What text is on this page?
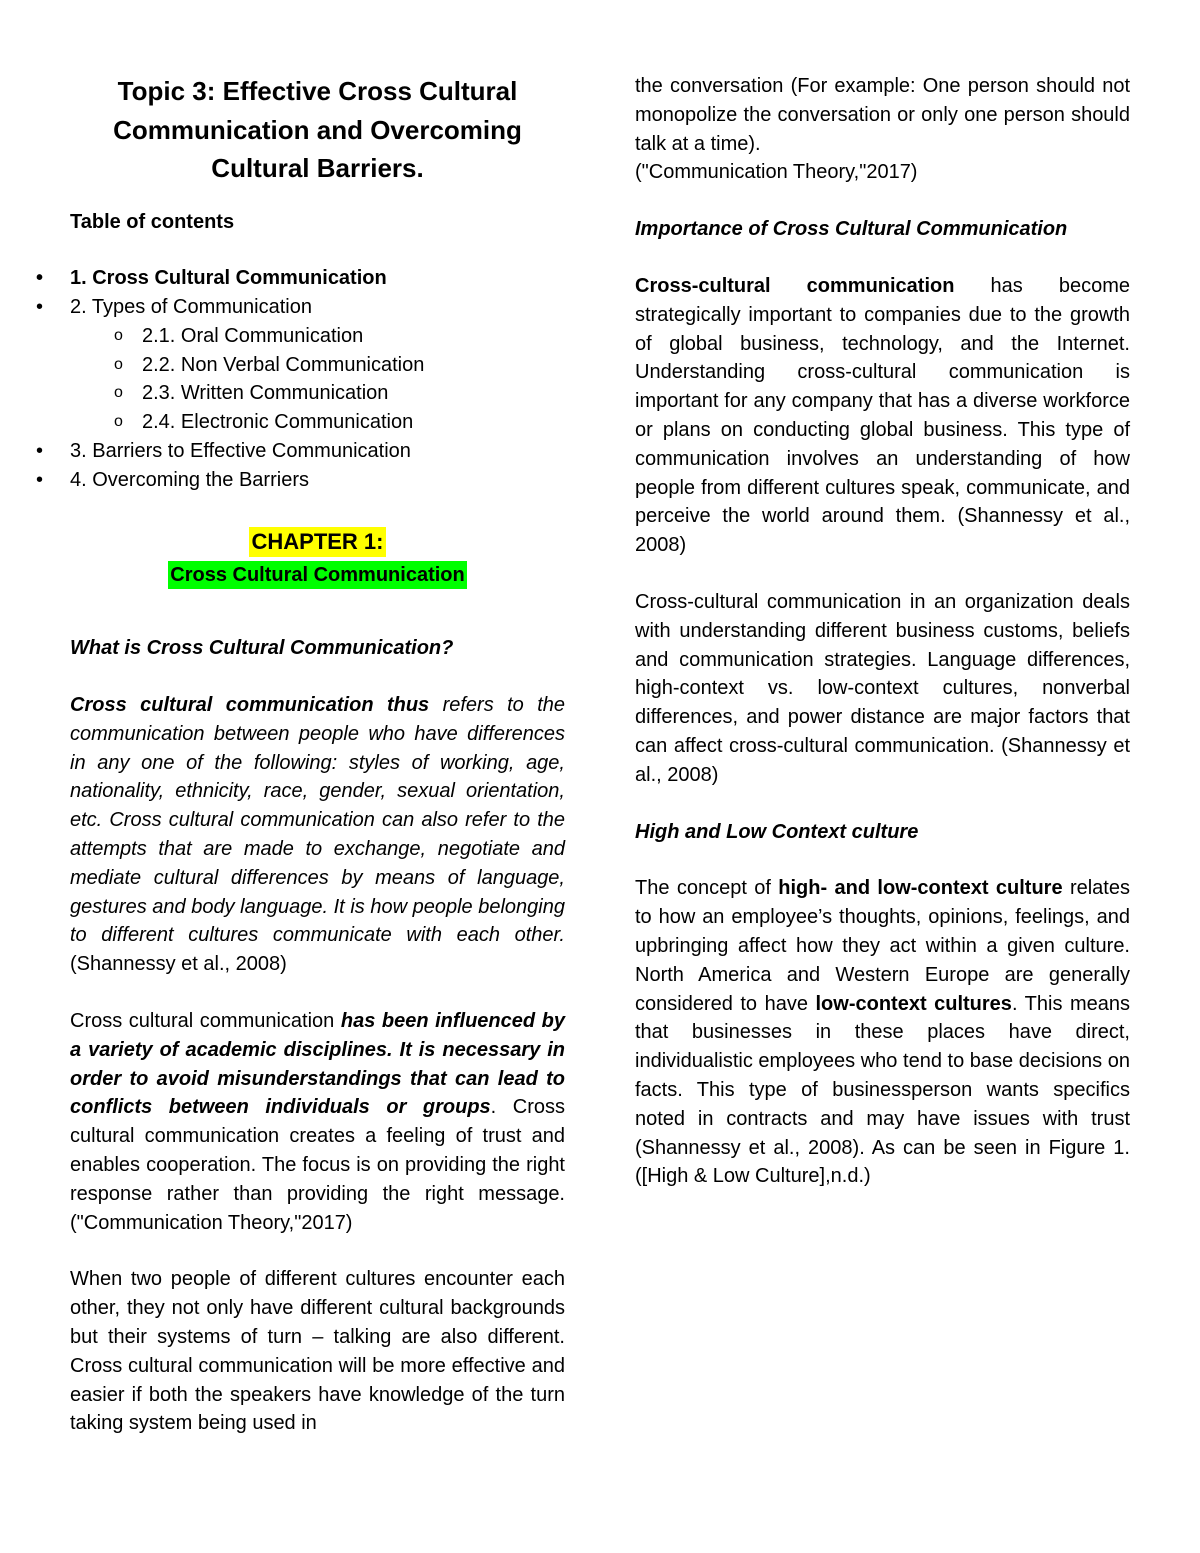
Topic 3: Effective Cross Cultural Communication and Overcoming Cultural Barriers.
Table of contents
• 1. Cross Cultural Communication
• 2. Types of Communication
o 2.1. Oral Communication
o 2.2. Non Verbal Communication
o 2.3. Written Communication
o 2.4. Electronic Communication
• 3. Barriers to Effective Communication
• 4. Overcoming the Barriers
CHAPTER 1:
Cross Cultural Communication
What is Cross Cultural Communication?

Cross cultural communication thus refers to the communication between people who have differences in any one of the following: styles of working, age, nationality, ethnicity, race, gender, sexual orientation, etc. Cross cultural communication can also refer to the attempts that are made to exchange, negotiate and mediate cultural differences by means of language, gestures and body language. It is how people belonging to different cultures communicate with each other. (Shannessy et al., 2008)

Cross cultural communication has been influenced by a variety of academic disciplines. It is necessary in order to avoid misunderstandings that can lead to conflicts between individuals or groups. Cross cultural communication creates a feeling of trust and enables cooperation. The focus is on providing the right response rather than providing the right message. ("Communication Theory,"2017)

When two people of different cultures encounter each other, they not only have different cultural backgrounds but their systems of turn – talking are also different. Cross cultural communication will be more effective and easier if both the speakers have knowledge of the turn taking system being used in

the conversation (For example: One person should not monopolize the conversation or only one person should talk at a time).

("Communication Theory,"2017)

Importance of Cross Cultural Communication

Cross-cultural communication has become strategically important to companies due to the growth of global business, technology, and the Internet. Understanding cross-cultural communication is important for any company that has a diverse workforce or plans on conducting global business. This type of communication involves an understanding of how people from different cultures speak, communicate, and perceive the world around them. (Shannessy et al., 2008)

Cross-cultural communication in an organization deals with understanding different business customs, beliefs and communication strategies. Language differences, high-context vs. low-context cultures, nonverbal differences, and power distance are major factors that can affect cross-cultural communication. (Shannessy et al., 2008)

High and Low Context culture

The concept of high- and low-context culture relates to how an employee’s thoughts, opinions, feelings, and upbringing affect how they act within a given culture. North America and Western Europe are generally considered to have low-context cultures. This means that businesses in these places have direct, individualistic employees who tend to base decisions on facts. This type of businessperson wants specifics noted in contracts and may have issues with trust (Shannessy et al., 2008). As can be seen in Figure 1. ([High & Low Culture],n.d.)
